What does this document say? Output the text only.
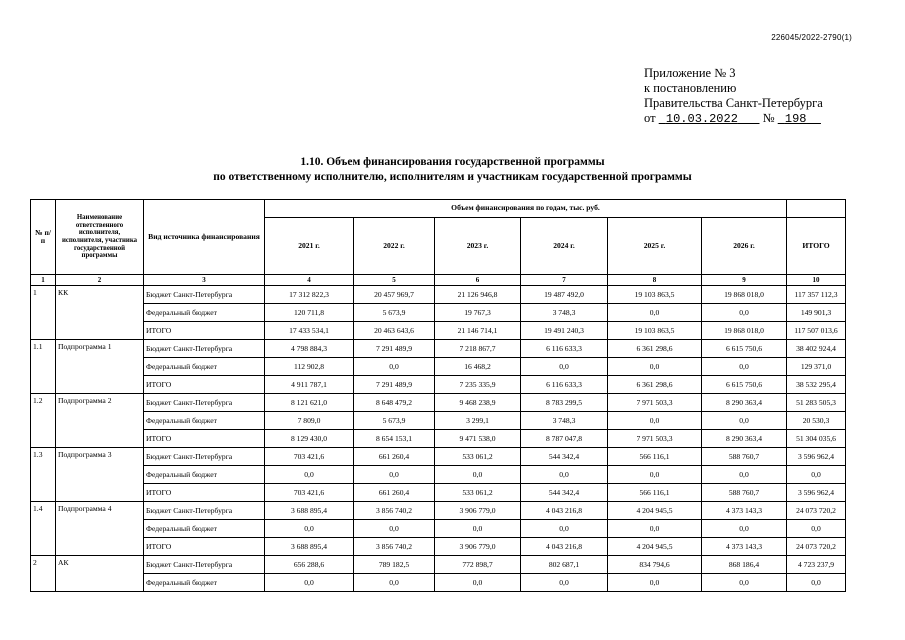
226045/2022-2790(1)
Приложение № 3
к постановлению
Правительства Санкт-Петербурга
от 10.03.2022 № 198
1.10. Объем финансирования государственной программы
по ответственному исполнителю, исполнителям и участникам государственной программы
№ п/п	Наименование ответственного исполнителя, исполнителя, участника государственной программы	Вид источника финансирования	Объем финансирования по годам, тыс. руб.						
			2021 г.	2022 г.	2023 г.	2024 г.	2025 г.	2026 г.	ИТОГО
1	2	3	4	5	6	7	8	9	10
1	КК	Бюджет Санкт-Петербурга	17 312 822,3	20 457 969,7	21 126 946,8	19 487 492,0	19 103 863,5	19 868 018,0	117 357 112,3
		Федеральный бюджет	120 711,8	5 673,9	19 767,3	3 748,3	0,0	0,0	149 901,3
		ИТОГО	17 433 534,1	20 463 643,6	21 146 714,1	19 491 240,3	19 103 863,5	19 868 018,0	117 507 013,6
1.1	Подпрограмма 1	Бюджет Санкт-Петербурга	4 798 884,3	7 291 489,9	7 218 867,7	6 116 633,3	6 361 298,6	6 615 750,6	38 402 924,4
		Федеральный бюджет	112 902,8	0,0	16 468,2	0,0	0,0	0,0	129 371,0
		ИТОГО	4 911 787,1	7 291 489,9	7 235 335,9	6 116 633,3	6 361 298,6	6 615 750,6	38 532 295,4
1.2	Подпрограмма 2	Бюджет Санкт-Петербурга	8 121 621,0	8 648 479,2	9 468 238,9	8 783 299,5	7 971 503,3	8 290 363,4	51 283 505,3
		Федеральный бюджет	7 809,0	5 673,9	3 299,1	3 748,3	0,0	0,0	20 530,3
		ИТОГО	8 129 430,0	8 654 153,1	9 471 538,0	8 787 047,8	7 971 503,3	8 290 363,4	51 304 035,6
1.3	Подпрограмма 3	Бюджет Санкт-Петербурга	703 421,6	661 260,4	533 061,2	544 342,4	566 116,1	588 760,7	3 596 962,4
		Федеральный бюджет	0,0	0,0	0,0	0,0	0,0	0,0	0,0
		ИТОГО	703 421,6	661 260,4	533 061,2	544 342,4	566 116,1	588 760,7	3 596 962,4
1.4	Подпрограмма 4	Бюджет Санкт-Петербурга	3 688 895,4	3 856 740,2	3 906 779,0	4 043 216,8	4 204 945,5	4 373 143,3	24 073 720,2
		Федеральный бюджет	0,0	0,0	0,0	0,0	0,0	0,0	0,0
		ИТОГО	3 688 895,4	3 856 740,2	3 906 779,0	4 043 216,8	4 204 945,5	4 373 143,3	24 073 720,2
2	АК	Бюджет Санкт-Петербурга	656 288,6	789 182,5	772 898,7	802 687,1	834 794,6	868 186,4	4 723 237,9
		Федеральный бюджет	0,0	0,0	0,0	0,0	0,0	0,0	0,0
